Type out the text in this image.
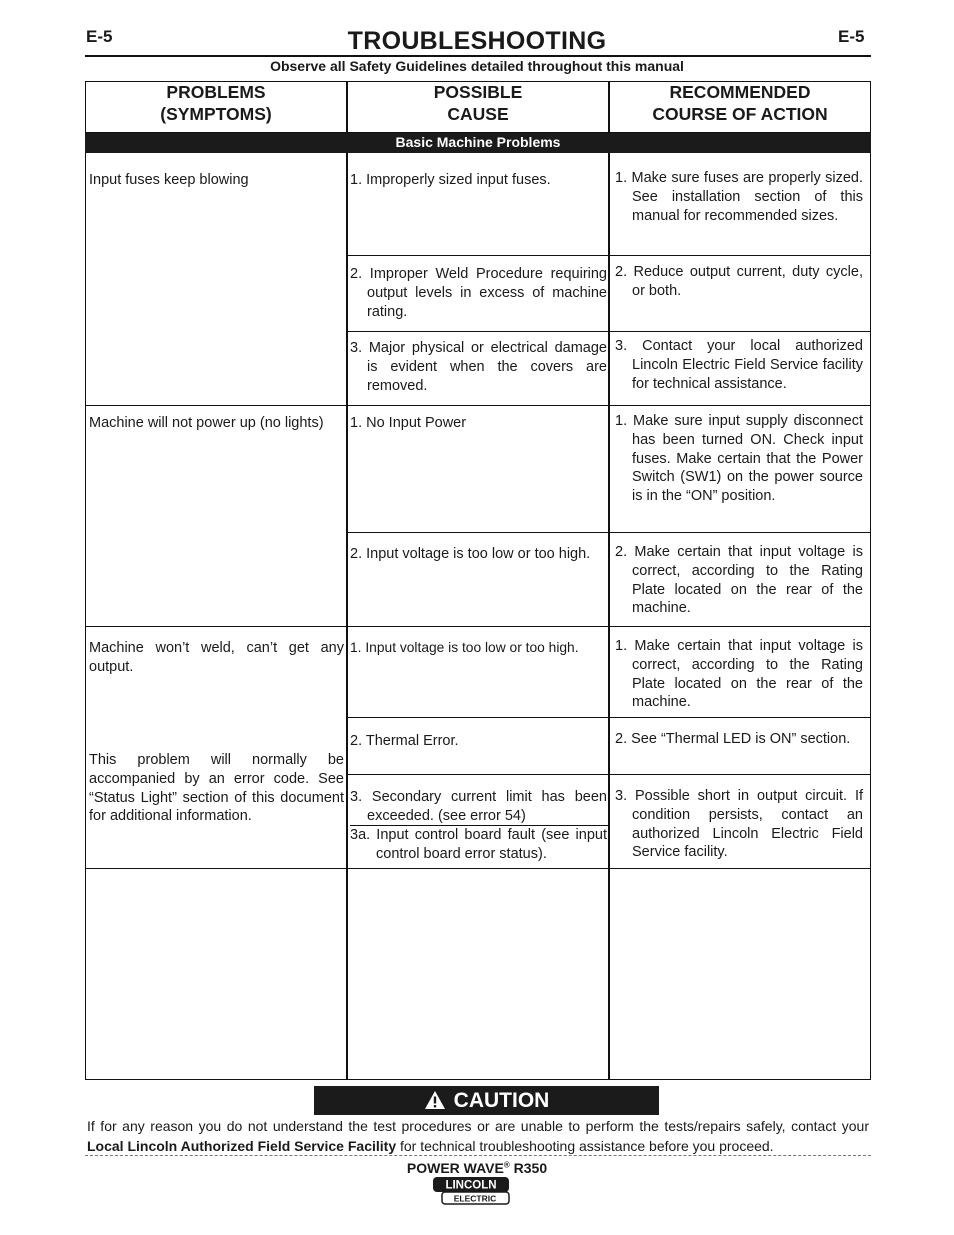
E-5	TROUBLESHOOTING	E-5
Observe all Safety Guidelines detailed throughout this manual
PROBLEMS
(SYMPTOMS)
POSSIBLE
CAUSE
RECOMMENDED
COURSE OF ACTION
Basic Machine Problems
Input fuses keep blowing
Machine will not power up (no lights)
Machine won’t weld, can’t get any output.
This problem will normally be accompanied by an error code. See “Status Light” section of this document for additional information.
1. Improperly sized input fuses.
2. Improper Weld Procedure requiring output levels in excess of machine rating.
3. Major physical or electrical damage is evident when the covers are removed.
1. No Input Power
2. Input voltage is too low or too high.
1. Input voltage is too low or too high.
2. Thermal Error.
3. Secondary current limit has been exceeded. (see error 54)
3a. Input control board fault (see input control board error status).
1. Make sure fuses are properly sized. See installation section of this manual for recommended sizes.
2. Reduce output current, duty cycle, or both.
3. Contact your local authorized Lincoln Electric Field Service facility for technical assistance.
1. Make sure input supply disconnect has been turned ON. Check input fuses. Make certain that the Power Switch (SW1) on the power source is in the “ON” position.
2. Make certain that input voltage is correct, according to the Rating Plate located on the rear of the machine.
1. Make certain that input voltage is correct, according to the Rating Plate located on the rear of the machine.
2. See “Thermal LED is ON” section.
3. Possible short in output circuit. If condition persists, contact an authorized Lincoln Electric Field Service facility.
CAUTION
If for any reason you do not understand the test procedures or are unable to perform the tests/repairs safely, contact your
Local Lincoln Authorized Field Service Facility for technical troubleshooting assistance before you proceed.
POWER WAVE® R350
LINCOLN
ELECTRIC
